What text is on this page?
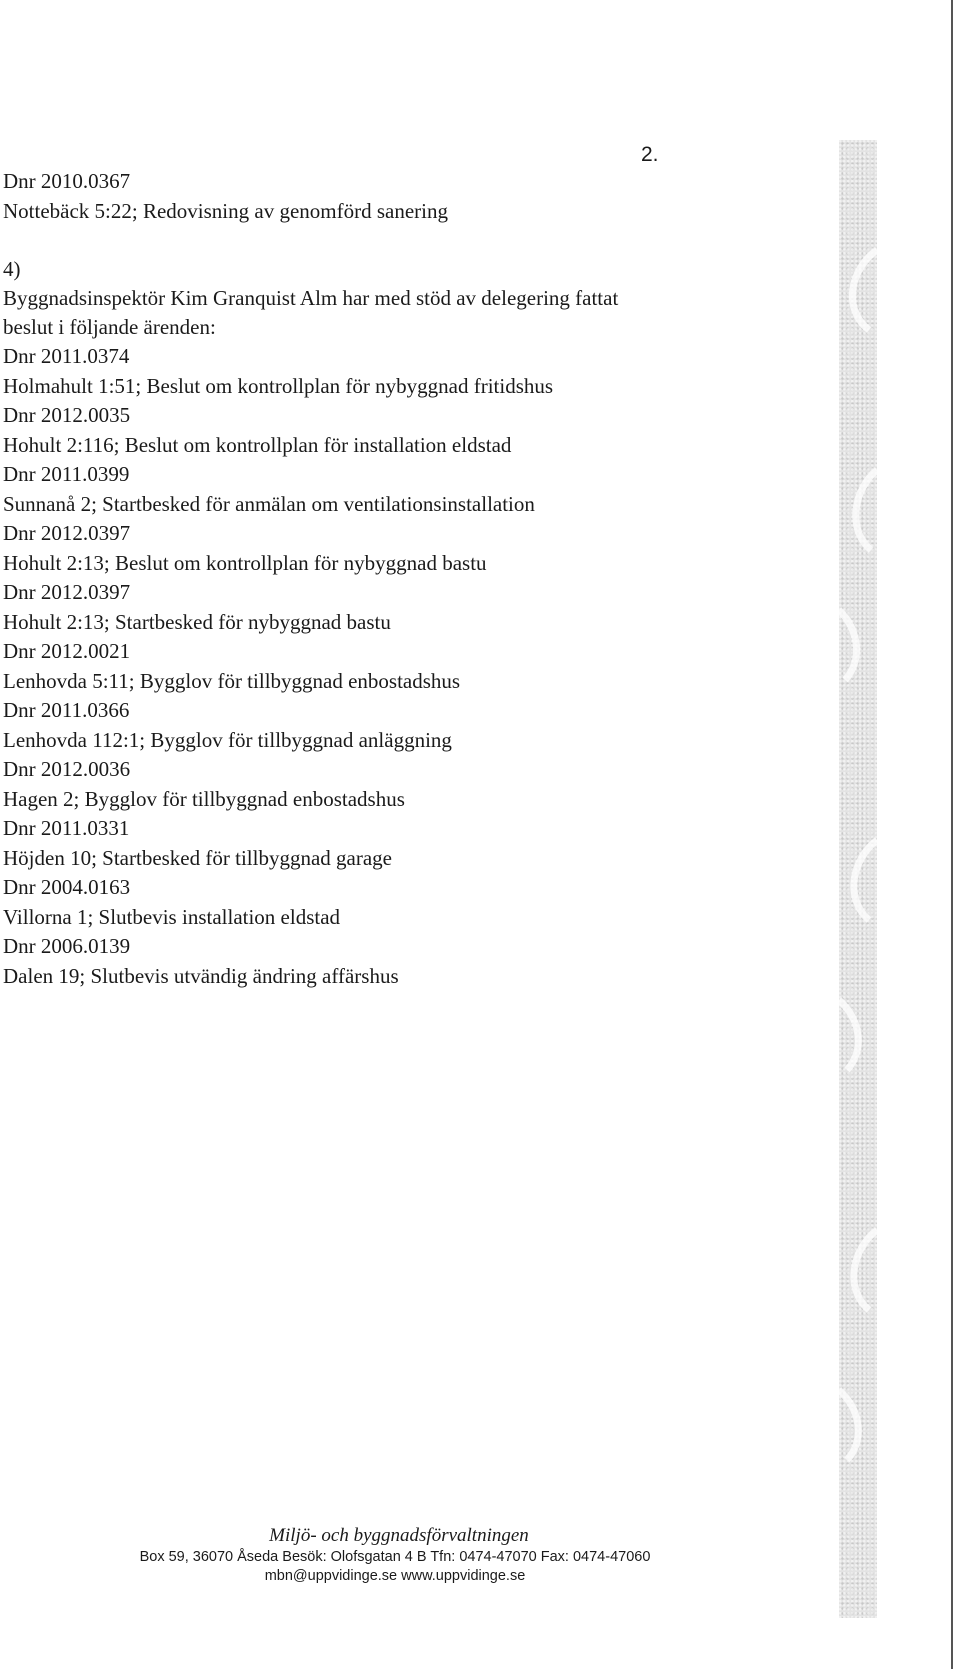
2.
Dnr 2010.0367
Nottebäck 5:22; Redovisning av genomförd sanering
4)
Byggnadsinspektör Kim Granquist Alm har med stöd av delegering fattat
beslut i följande ärenden:
Dnr 2011.0374
Holmahult 1:51; Beslut om kontrollplan för nybyggnad fritidshus
Dnr 2012.0035
Hohult 2:116; Beslut om kontrollplan för installation eldstad
Dnr 2011.0399
Sunnanå 2; Startbesked för anmälan om ventilationsinstallation
Dnr 2012.0397
Hohult 2:13; Beslut om kontrollplan för nybyggnad bastu
Dnr 2012.0397
Hohult 2:13; Startbesked för nybyggnad bastu
Dnr 2012.0021
Lenhovda 5:11; Bygglov för tillbyggnad enbostadshus
Dnr 2011.0366
Lenhovda 112:1; Bygglov för tillbyggnad anläggning
Dnr 2012.0036
Hagen 2; Bygglov för tillbyggnad enbostadshus
Dnr 2011.0331
Höjden 10; Startbesked för tillbyggnad garage
Dnr 2004.0163
Villorna 1; Slutbevis installation eldstad
Dnr 2006.0139
Dalen 19; Slutbevis utvändig ändring affärshus
Miljö- och byggnadsförvaltningen
Box 59, 36070 Åseda Besök: Olofsgatan 4 B Tfn: 0474-47070 Fax: 0474-47060
mbn@uppvidinge.se www.uppvidinge.se
